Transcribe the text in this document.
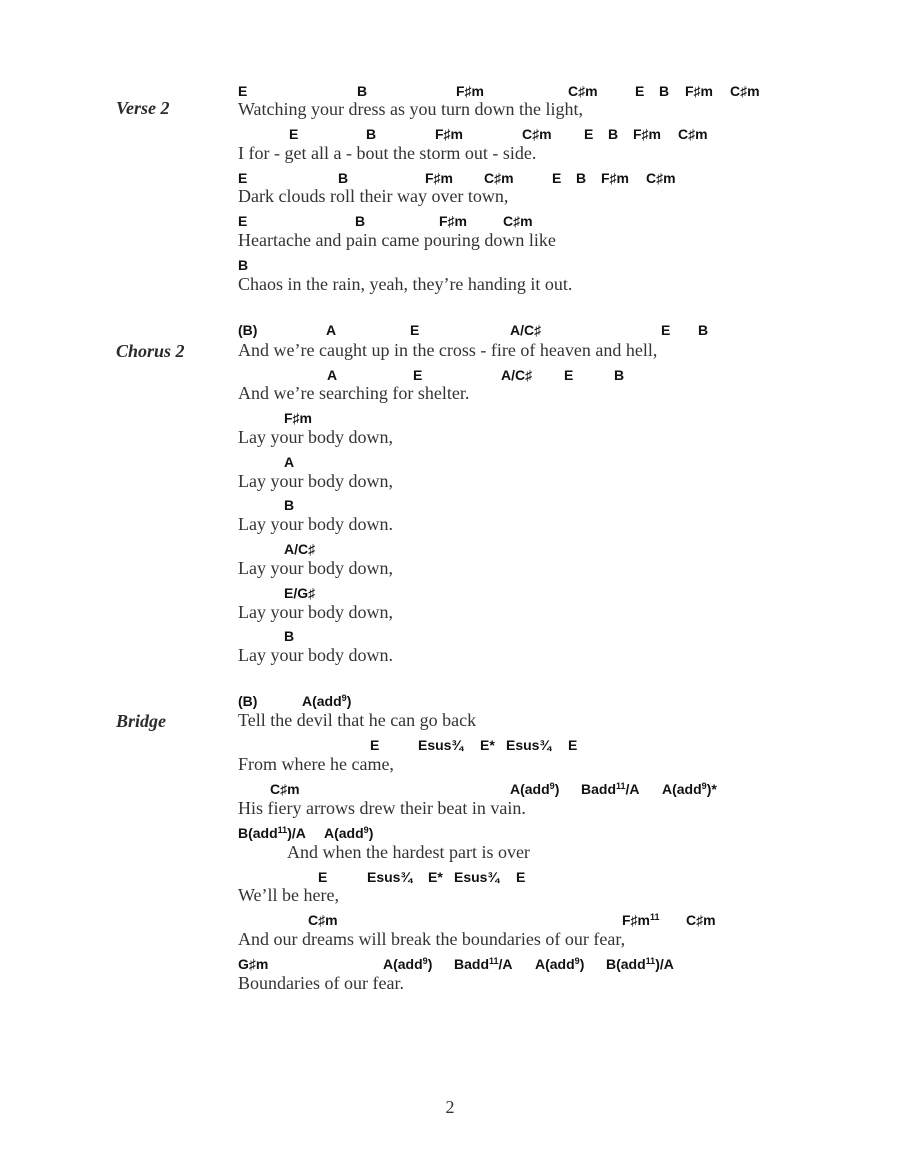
Verse 2
Chorus 2
Bridge
E	B	F♯m	C♯m	E B F♯m C♯m
Watching your dress as you turn down the light,
E	B	F♯m	C♯m E B F♯m C♯m
I for - get all a - bout the storm out - side.
E	B	F♯m C♯m	E B F♯m C♯m
Dark clouds roll their way over town,
E	B	F♯m	C♯m
Heartache and pain came pouring down like
B
Chaos in the rain, yeah, they’re handing it out.
(B)	A	E	A/C♯	E B
And we’re caught up in the cross - fire of heaven and hell,
A	E	A/C♯ E	B
And we’re searching for shelter.
F♯m
Lay your body down,
A
Lay your body down,
B
Lay your body down.
A/C♯
Lay your body down,
E/G♯
Lay your body down,
B
Lay your body down.
(B)	A(add$^9$)
Tell the devil that he can go back
E	Esus¾ E* Esus¾ E
From where he came,
C♯m	A(add$^9$) Badd$^{11}$/A A(add$^9$)*
His fiery arrows drew their beat in vain.
B(add$^{11}$)/A A(add$^9$)
And when the hardest part is over
E	Esus¾ E* Esus¾ E
We’ll be here,
C♯m	$F♯m^{11}$ C♯m
And our dreams will break the boundaries of our fear,
G♯m	A(add$^9$) Badd$^{11}$/A A(add$^9$) B(add$^{11}$)/A
Boundaries of our fear.
2
